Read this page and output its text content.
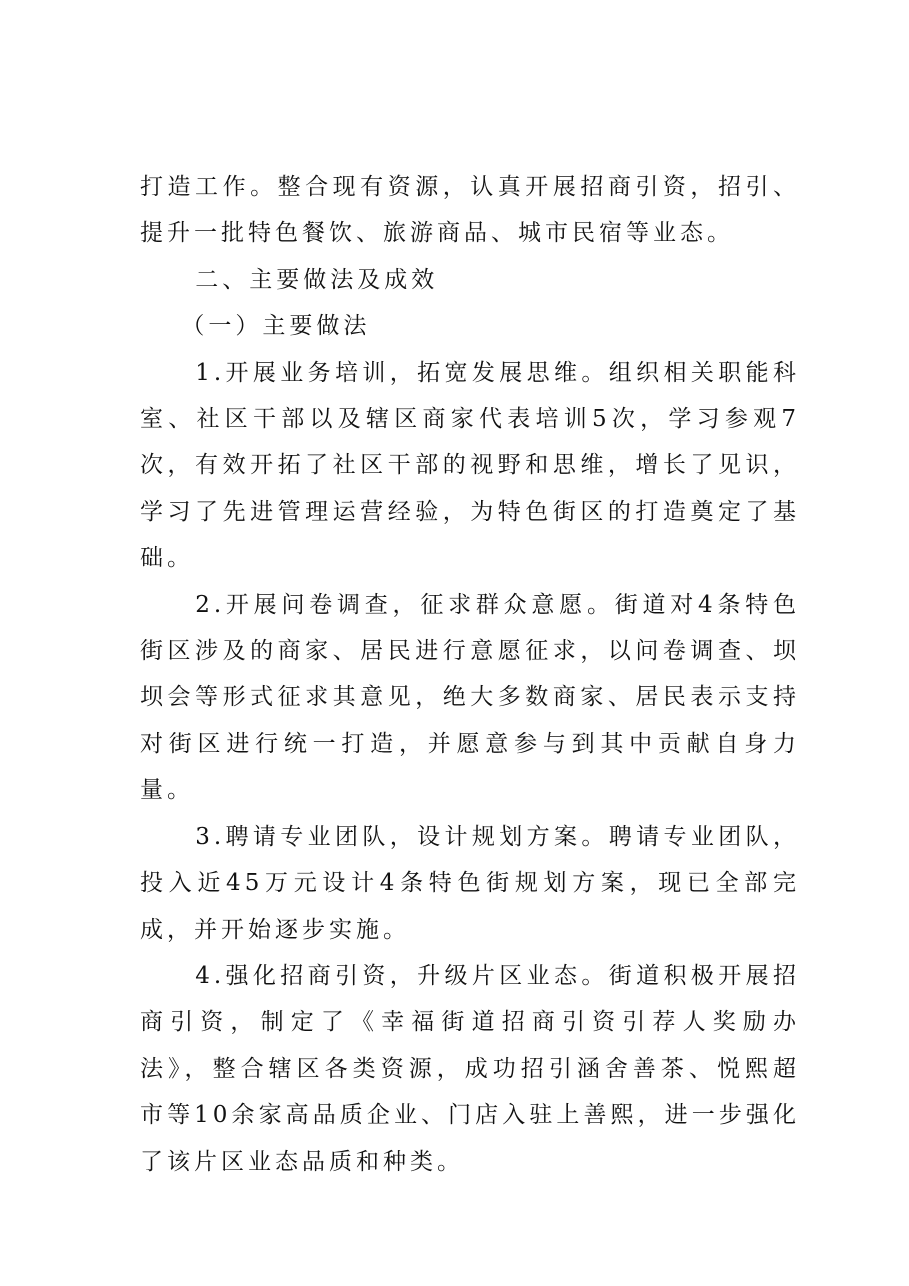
打造工作。整合现有资源，认真开展招商引资，招引、提升一批特色餐饮、旅游商品、城市民宿等业态。

二、主要做法及成效

（一）主要做法

1.开展业务培训，拓宽发展思维。组织相关职能科室、社区干部以及辖区商家代表培训5次，学习参观7次，有效开拓了社区干部的视野和思维，增长了见识，学习了先进管理运营经验，为特色街区的打造奠定了基础。

2.开展问卷调查，征求群众意愿。街道对4条特色街区涉及的商家、居民进行意愿征求，以问卷调查、坝坝会等形式征求其意见，绝大多数商家、居民表示支持对街区进行统一打造，并愿意参与到其中贡献自身力量。

3.聘请专业团队，设计规划方案。聘请专业团队，投入近45万元设计4条特色街规划方案，现已全部完成，并开始逐步实施。

4.强化招商引资，升级片区业态。街道积极开展招商引资，制定了《幸福街道招商引资引荐人奖励办法》，整合辖区各类资源，成功招引涵舍善茶、悦熙超市等10余家高品质企业、门店入驻上善熙，进一步强化了该片区业态品质和种类。
